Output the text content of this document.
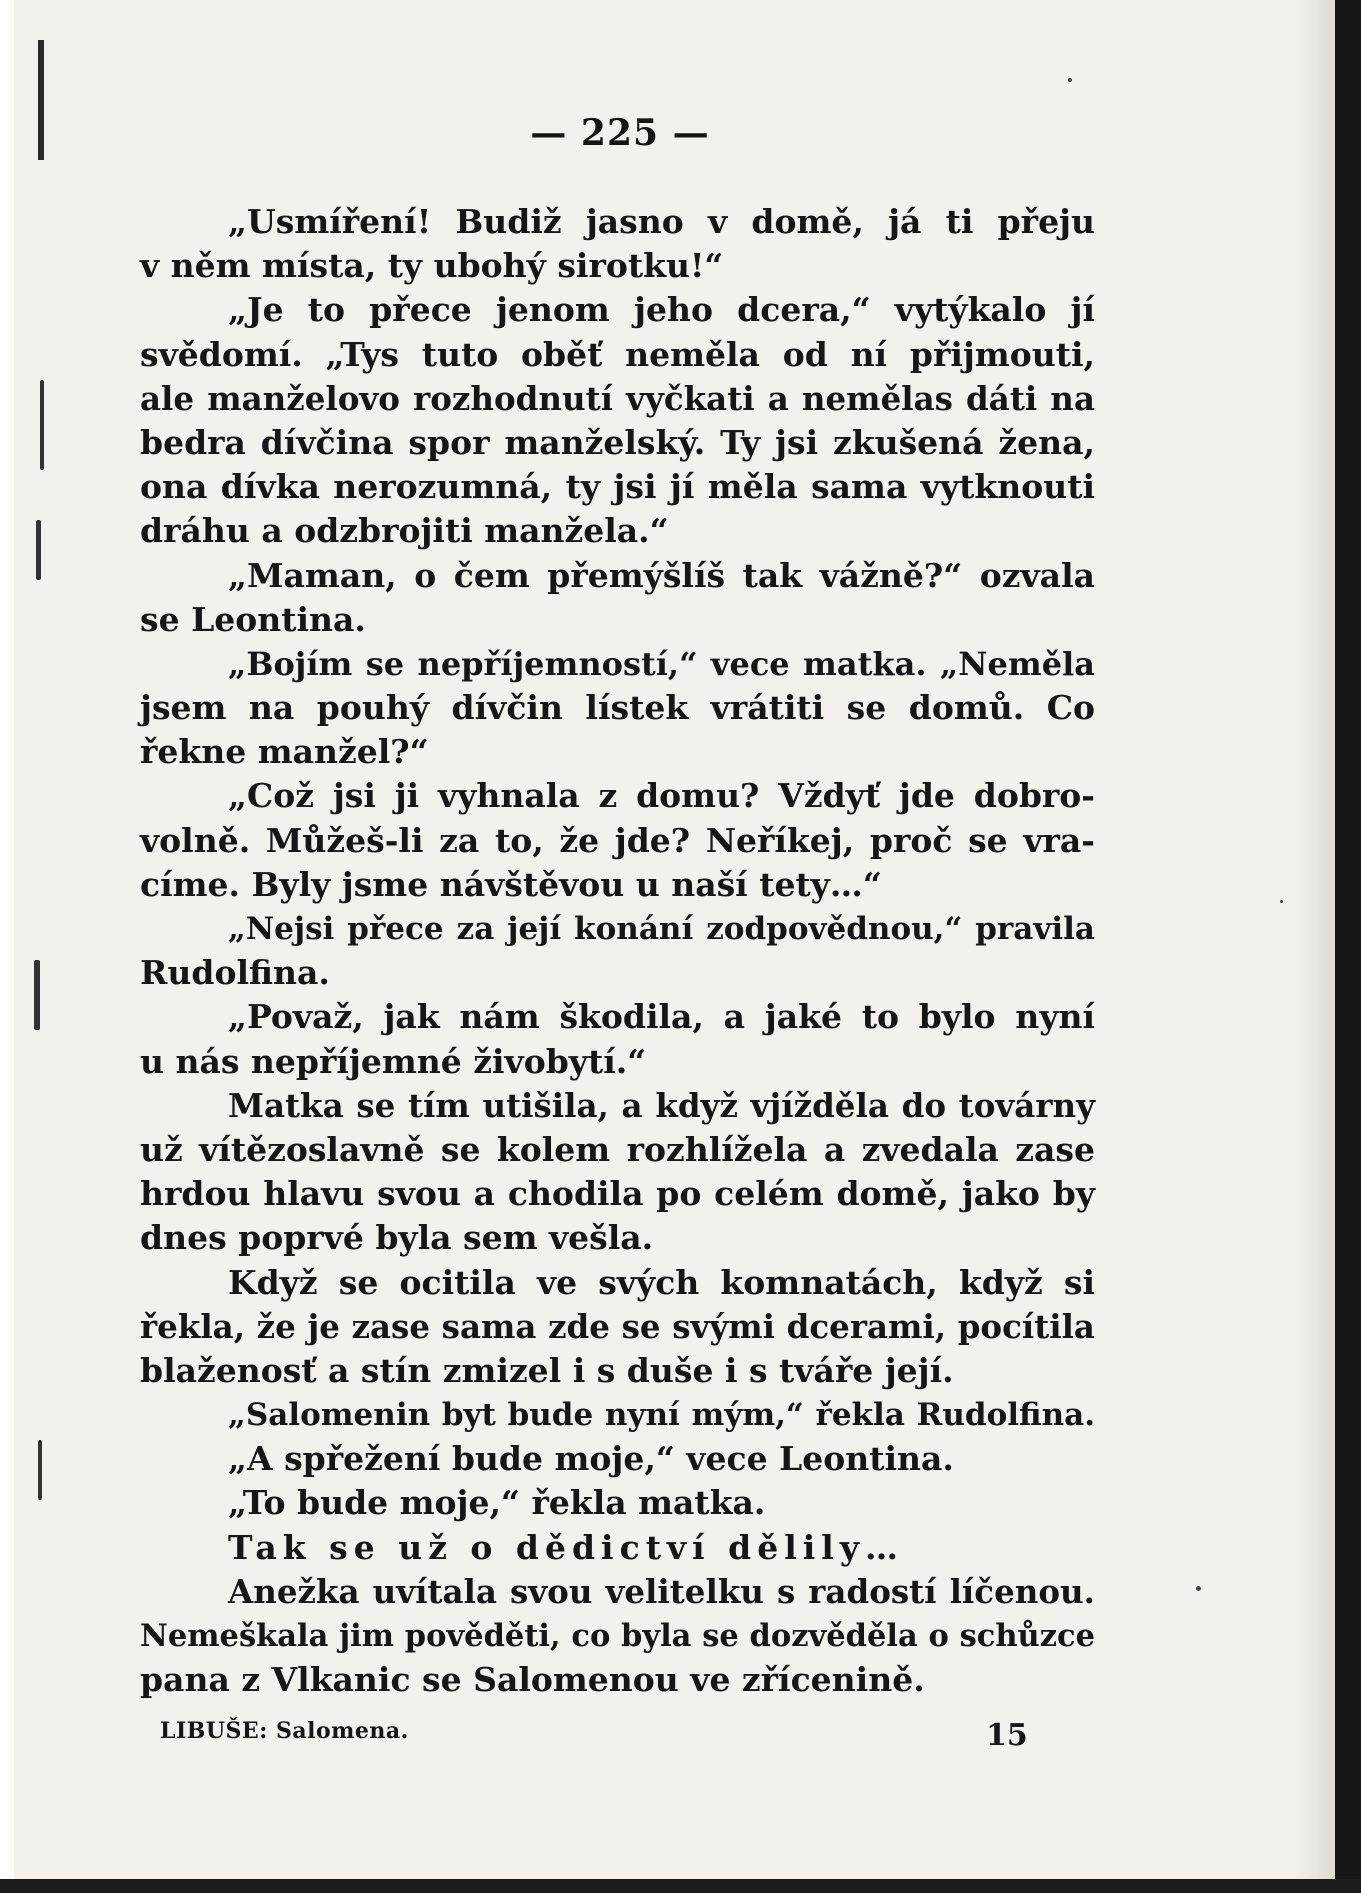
— 225 —
„Usmíření! Budiž jasno v domě, já ti přeju
v něm místa, ty ubohý sirotku!“
„Je to přece jenom jeho dcera,“ vytýkalo jí
svědomí. „Tys tuto oběť neměla od ní přijmouti,
ale manželovo rozhodnutí vyčkati a nemělas dáti na
bedra dívčina spor manželský. Ty jsi zkušená žena,
ona dívka nerozumná, ty jsi jí měla sama vytknouti
dráhu a odzbrojiti manžela.“
„Maman, o čem přemýšlíš tak vážně?“ ozvala
se Leontina.
„Bojím se nepříjemností,“ vece matka. „Neměla
jsem na pouhý dívčin lístek vrátiti se domů. Co
řekne manžel?“
„Což jsi ji vyhnala z domu? Vždyť jde dobro-
volně. Můžeš-li za to, že jde? Neříkej, proč se vra-
címe. Byly jsme návštěvou u naší tety…“
„Nejsi přece za její konání zodpovědnou,“ pravila
Rudolfina.
„Považ, jak nám škodila, a jaké to bylo nyní
u nás nepříjemné živobytí.“
Matka se tím utišila, a když vjížděla do továrny
už vítězoslavně se kolem rozhlížela a zvedala zase
hrdou hlavu svou a chodila po celém domě, jako by
dnes poprvé byla sem vešla.
Když se ocitila ve svých komnatách, když si
řekla, že je zase sama zde se svými dcerami, pocítila
blaženosť a stín zmizel i s duše i s tváře její.
„Salomenin byt bude nyní mým,“ řekla Rudolfina.
„A spřežení bude moje,“ vece Leontina.
„To bude moje,“ řekla matka.
Tak se už o dědictví dělily…
Anežka uvítala svou velitelku s radostí líčenou.
Nemeškala jim pověděti, co byla se dozvěděla o schůzce
pana z Vlkanic se Salomenou ve zřícenině.
LIBUŠE: Salomena.	15
